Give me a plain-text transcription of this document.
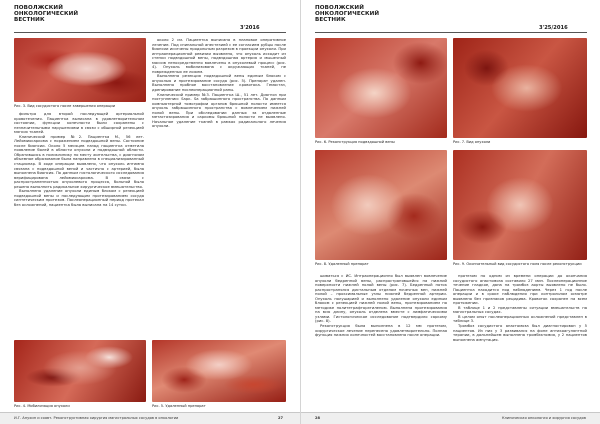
ПОВОЛЖСКИЙ
ОНКОЛОГИЧЕСКИЙ
ВЕСТНИК
3'2016
Рис. 3. Вид сосудистого после завершения операции

фильтра для второй последующей артериальной кровотечения. Пациентка выписана в удовлетворительном состоянии, функции конечности были сохранены с незначительными нарушениями в связи с обширной резекцией мягких тканей.

Клинический пример №2. Пациентка М., 56 лет. Лейомиосаркома с поражением подвздошной вены. Состояние после биопсии. Около 5 месяцев назад пациентка отметила появление болей в области опухоли и подвздошной области. Обратившись в поликлинику по месту жительства, с диагнозом объемное образование была направлена в специализированный стационар. В ходе операции выявлено, что опухоль интимно связана с подвздошной веной и частично с артерией, была выполнена биопсия. По данным гистологического исследования верифицирована лейомиосаркома. В связи с распространенностью опухолевого процесса, больной было решено выполнить радикальное хирургическое вмешательство.

Выполнено удаление опухоли единым блоком с резекцией подвздошной вены и последующим протезированием сосуда синтетическим протезом. Послеоперационный период протекал без осложнений, пациентка была выписана на 14 сутки.

около 2 см. Пациентка выписана в плановое оперативное лечение. Под спинальной анестезией с ее согласием рубцы после биопсии иссечены продольным разрезом в проекции опухоли. При интраоперационной ревизии выявлено, что опухоль исходит из стенки подвздошной вены, подвздошная артерия и мышечный массив непосредственно вовлечены в опухолевый процесс (рис. 4). Опухоль мобилизована с окружающих тканей, не поврежденных ее ложем.

Выполнена резекция подвздошной вены единым блоком с опухолью и протезирование сосуда (рис. 5). Препарат удален. Выполнено пробное восстановление кровотока. Гемостаз, дренирование послеоперационной раны.

Клинический пример №3. Пациентка Ш., 51 лет. Диагноз при поступлении: Saрк. Sa забрюшинного пространства. По данным компьютерной томографии органов брюшной полости имеется опухоль забрюшинного пространства с вовлечением нижней полой вены. При обследовании данных за отдаленные метастазирования и саркомы брюшной полости не выявлено. Начальное удаление тканей в рамках радикального лечения опухоли.

Рис. 4. Мобилизация опухоли	Рис. 5. Удаленный препарат
И.Г. Апухин и соавт. Реконструктивная хирургия магистральных сосудов в онкологии	27
ПОВОЛЖСКИЙ
ОНКОЛОГИЧЕСКИЙ
ВЕСТНИК
3'25/2016
Рис. 6. Реконструкция подвздошной вены	Рис. 7. Вид опухоли
Рис. 8. Удаленный препарат	Рис. 9. Окончательный вид сосудистого поля после реконструкции

шиваться с ИС. Интраоперационно был выявлен вовлечение опухоли бедренной вены, распространявшейся на нижний поверхности нижней полой вены (рис. 7). Бедренный поток распространялся дистальным отделом почечных вен, нижней полой – проксимальные узлы нижней бедренной артерии. Опухоль полушарией и выполнено удаление опухоли единым блоком с резекцией нижней полой вены, протезированием по методике политетрафторэтиленом. Выполнена протезирования на всю длину, опухоль отделена вместе с лимфатическими узлами. Гистологическое исследование подтвердило саркому (рис. 8).

Реконструкция была выполнена в 12 мм протезом, хирургическое лечение перенесено удовлетворительно. Полная функция нижних конечностей восстановлена после операции.

протезом по одним из времени операции до окончания сосудистого анастомоза составило 27 мин. Послеоперационное течение гладкое, дана на тромбоз аорты выявлено не было. Пациентка находится под наблюдением. Через 1 год после операции и в сроке наблюдения при контрольном осмотре выявлено без признаков рецидива. Кровоток сохранен на всем протяжении.

В таблице 1 и 2 представлены ситуации вмешательств на магистральных сосудах.

В целом опыт послеоперационных осложнений представлен в таблице 3.

Тромбоз сосудистого анастомоза был диагностирован у 5 пациентов. Из них у 3 развивался на фоне антикоагулянтной терапии, в дальнейшем выполнена тромбэктомия, у 2 пациентов выполнена ампутация.

28	Клиническая онкология и хирургия сосудов
